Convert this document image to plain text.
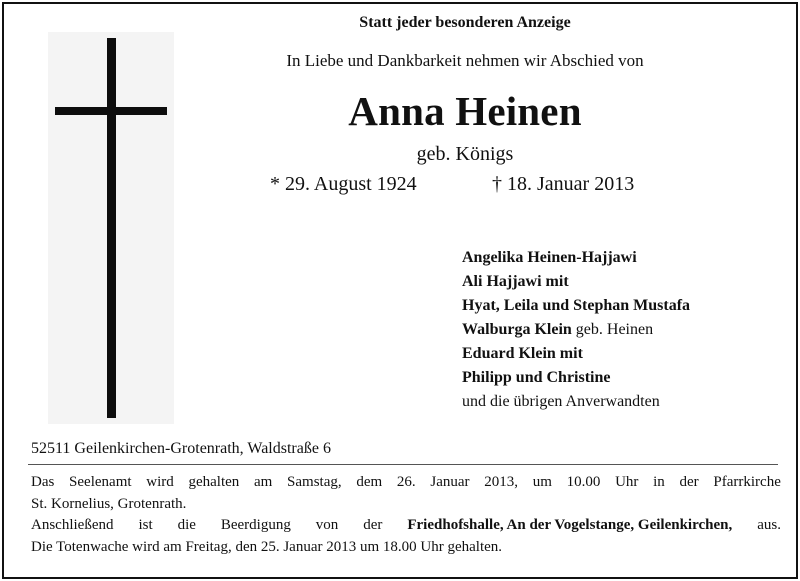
Statt jeder besonderen Anzeige
In Liebe und Dankbarkeit nehmen wir Abschied von
Anna Heinen
geb. Königs
* 29. August 1924	† 18. Januar 2013
Angelika Heinen-Hajjawi
Ali Hajjawi mit
Hyat, Leila und Stephan Mustafa
Walburga Klein geb. Heinen
Eduard Klein mit
Philipp und Christine
und die übrigen Anverwandten
52511 Geilenkirchen-Grotenrath, Waldstraße 6
Das Seelenamt wird gehalten am Samstag, dem 26. Januar 2013, um 10.00 Uhr in der Pfarrkirche
St. Kornelius, Grotenrath.
Anschließend ist die Beerdigung von der Friedhofshalle, An der Vogelstange, Geilenkirchen, aus.
Die Totenwache wird am Freitag, den 25. Januar 2013 um 18.00 Uhr gehalten.
